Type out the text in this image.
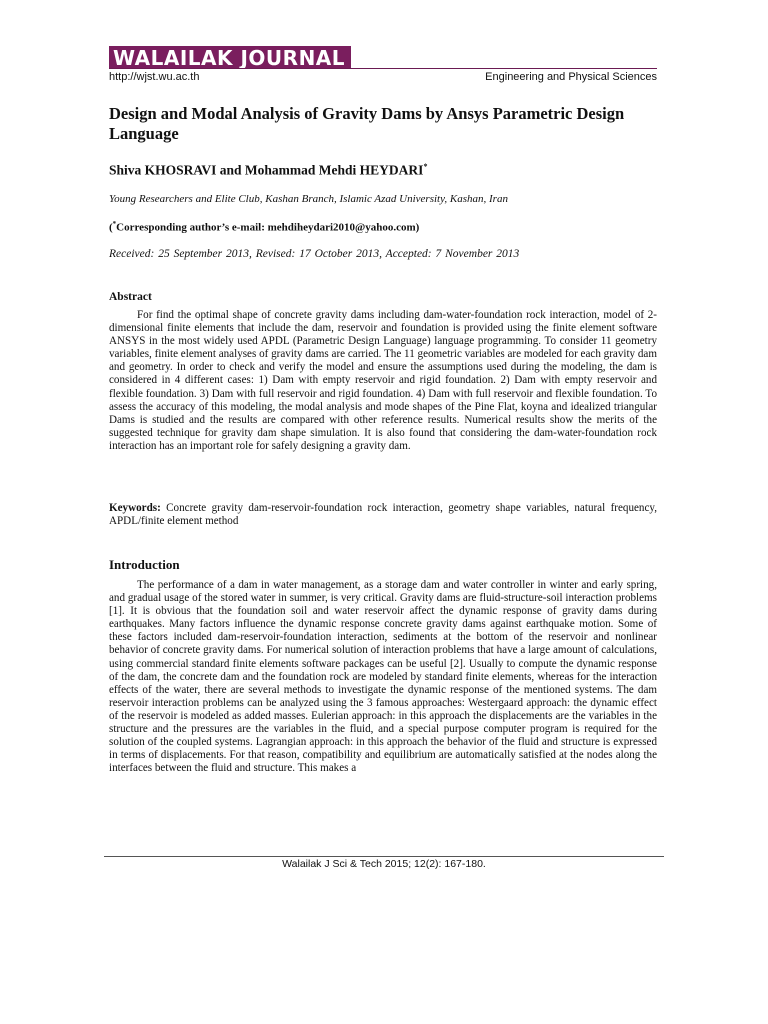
WALAILAK JOURNAL
http://wjst.wu.ac.th	Engineering and Physical Sciences
Design and Modal Analysis of Gravity Dams by Ansys Parametric Design Language
Shiva KHOSRAVI and Mohammad Mehdi HEYDARI*
Young Researchers and Elite Club, Kashan Branch, Islamic Azad University, Kashan, Iran
(*Corresponding author’s e-mail: mehdiheydari2010@yahoo.com)
Received: 25 September 2013, Revised: 17 October 2013, Accepted: 7 November 2013
Abstract

For find the optimal shape of concrete gravity dams including dam-water-foundation rock interaction, model of 2-dimensional finite elements that include the dam, reservoir and foundation is provided using the finite element software ANSYS in the most widely used APDL (Parametric Design Language) language programming. To consider 11 geometry variables, finite element analyses of gravity dams are carried. The 11 geometric variables are modeled for each gravity dam and geometry. In order to check and verify the model and ensure the assumptions used during the modeling, the dam is considered in 4 different cases: 1) Dam with empty reservoir and rigid foundation. 2) Dam with empty reservoir and flexible foundation. 3) Dam with full reservoir and rigid foundation. 4) Dam with full reservoir and flexible foundation. To assess the accuracy of this modeling, the modal analysis and mode shapes of the Pine Flat, koyna and idealized triangular Dams is studied and the results are compared with other reference results. Numerical results show the merits of the suggested technique for gravity dam shape simulation. It is also found that considering the dam-water-foundation rock interaction has an important role for safely designing a gravity dam.

Keywords: Concrete gravity dam-reservoir-foundation rock interaction, geometry shape variables, natural frequency, APDL/finite element method

Introduction

The performance of a dam in water management, as a storage dam and water controller in winter and early spring, and gradual usage of the stored water in summer, is very critical. Gravity dams are fluid-structure-soil interaction problems [1]. It is obvious that the foundation soil and water reservoir affect the dynamic response of gravity dams during earthquakes. Many factors influence the dynamic response concrete gravity dams against earthquake motion. Some of these factors included dam-reservoir-foundation interaction, sediments at the bottom of the reservoir and nonlinear behavior of concrete gravity dams. For numerical solution of interaction problems that have a large amount of calculations, using commercial standard finite elements software packages can be useful [2]. Usually to compute the dynamic response of the dam, the concrete dam and the foundation rock are modeled by standard finite elements, whereas for the interaction effects of the water, there are several methods to investigate the dynamic response of the mentioned systems. The dam reservoir interaction problems can be analyzed using the 3 famous approaches: Westergaard approach: the dynamic effect of the reservoir is modeled as added masses. Eulerian approach: in this approach the displacements are the variables in the structure and the pressures are the variables in the fluid, and a special purpose computer program is required for the solution of the coupled systems. Lagrangian approach: in this approach the behavior of the fluid and structure is expressed in terms of displacements. For that reason, compatibility and equilibrium are automatically satisfied at the nodes along the interfaces between the fluid and structure. This makes a

Walailak J Sci & Tech 2015; 12(2): 167-180.
